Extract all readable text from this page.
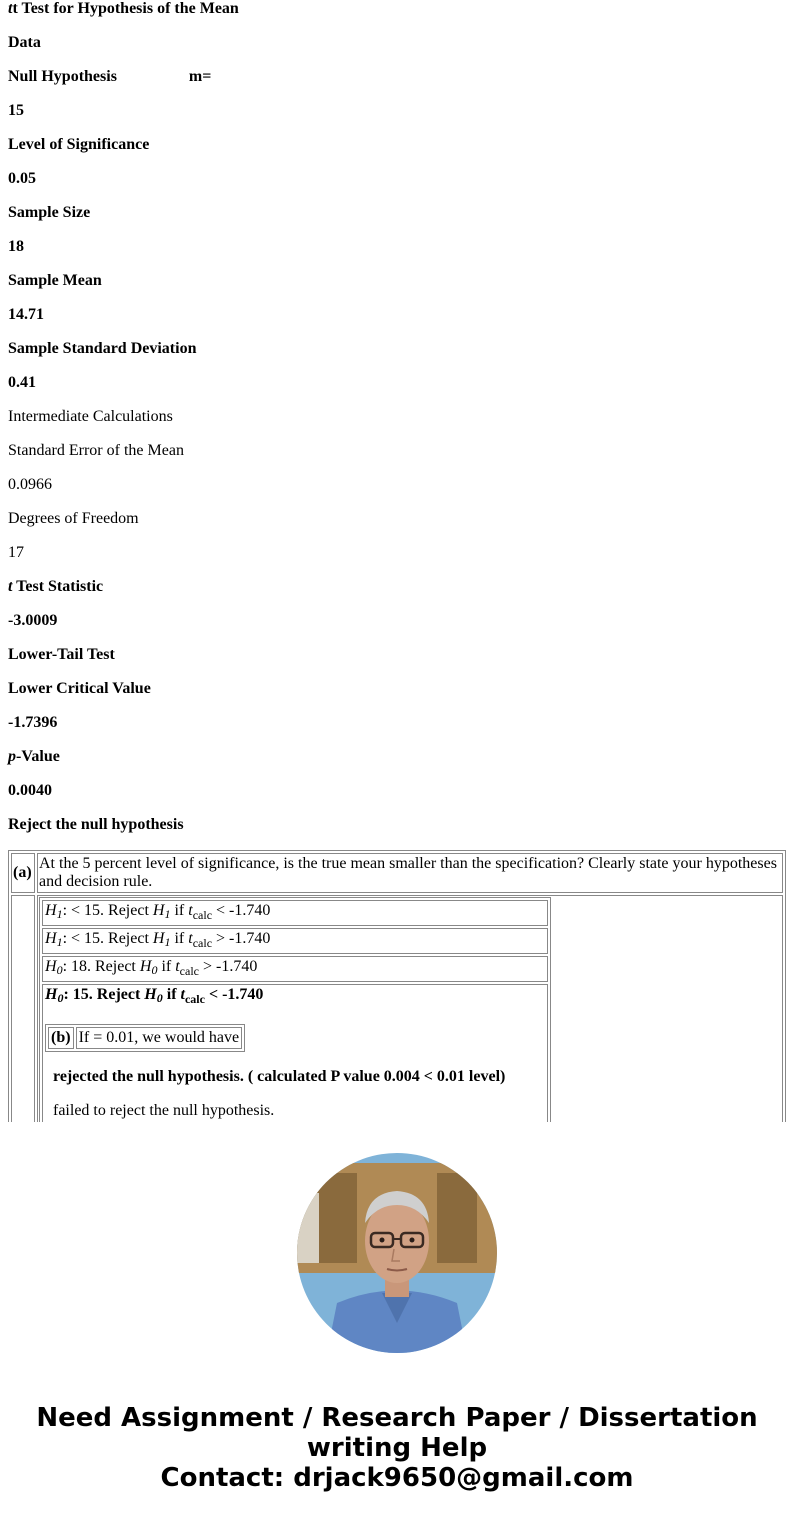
tt Test for Hypothesis of the Mean

Data

Null Hypothesis	m=

15

Level of Significance

0.05

Sample Size

18

Sample Mean

14.71

Sample Standard Deviation

0.41

Intermediate Calculations

Standard Error of the Mean

0.0966

Degrees of Freedom

17

t Test Statistic

-3.0009

Lower-Tail Test

Lower Critical Value

-1.7396

p-Value

0.0040

Reject the null hypothesis

(a)	At the 5 percent level of significance, is the true mean smaller than the specification? Clearly state your hypotheses and decision rule.

H1: < 15. Reject H1 if $t_{calc} < -1.740$
H1: < 15. Reject H1 if $t_{calc} > -1.740$
H0: 18. Reject H0 if $t_{calc} > -1.740$

H0: 15. Reject H0 if $t_{calc} < -1.740$
(b)	If = 0.01, we would have

rejected the null hypothesis. ( calculated P value 0.004 < 0.01 level)

failed to reject the null hypothesis.

Need Assignment / Research Paper / Dissertation
writing Help
Contact: drjack9650@gmail.com
